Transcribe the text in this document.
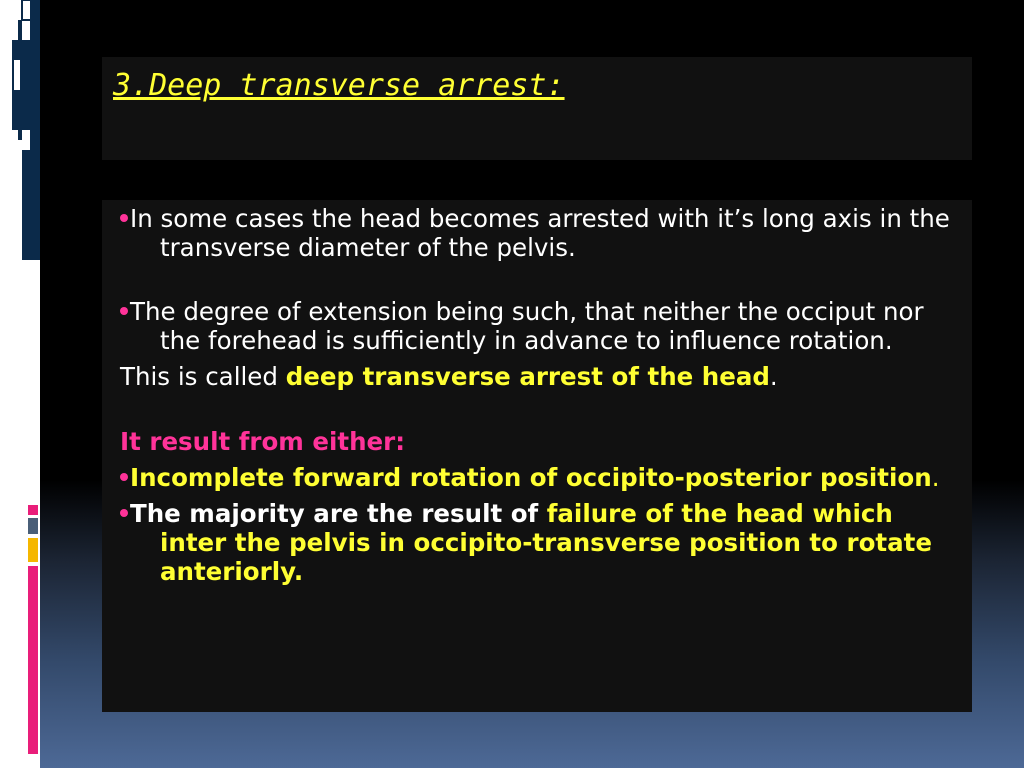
3.Deep transverse arrest:

In some cases the head becomes arrested with it’s long axis in the transverse diameter of the pelvis.

The degree of extension being such, that neither the occiput nor the forehead is sufficiently in advance to influence rotation.

This is called deep transverse arrest of the head.

It result from either:

Incomplete forward rotation of occipito-posterior position.

The majority are the result of failure of the head which inter the pelvis in occipito-transverse position to rotate anteriorly.
